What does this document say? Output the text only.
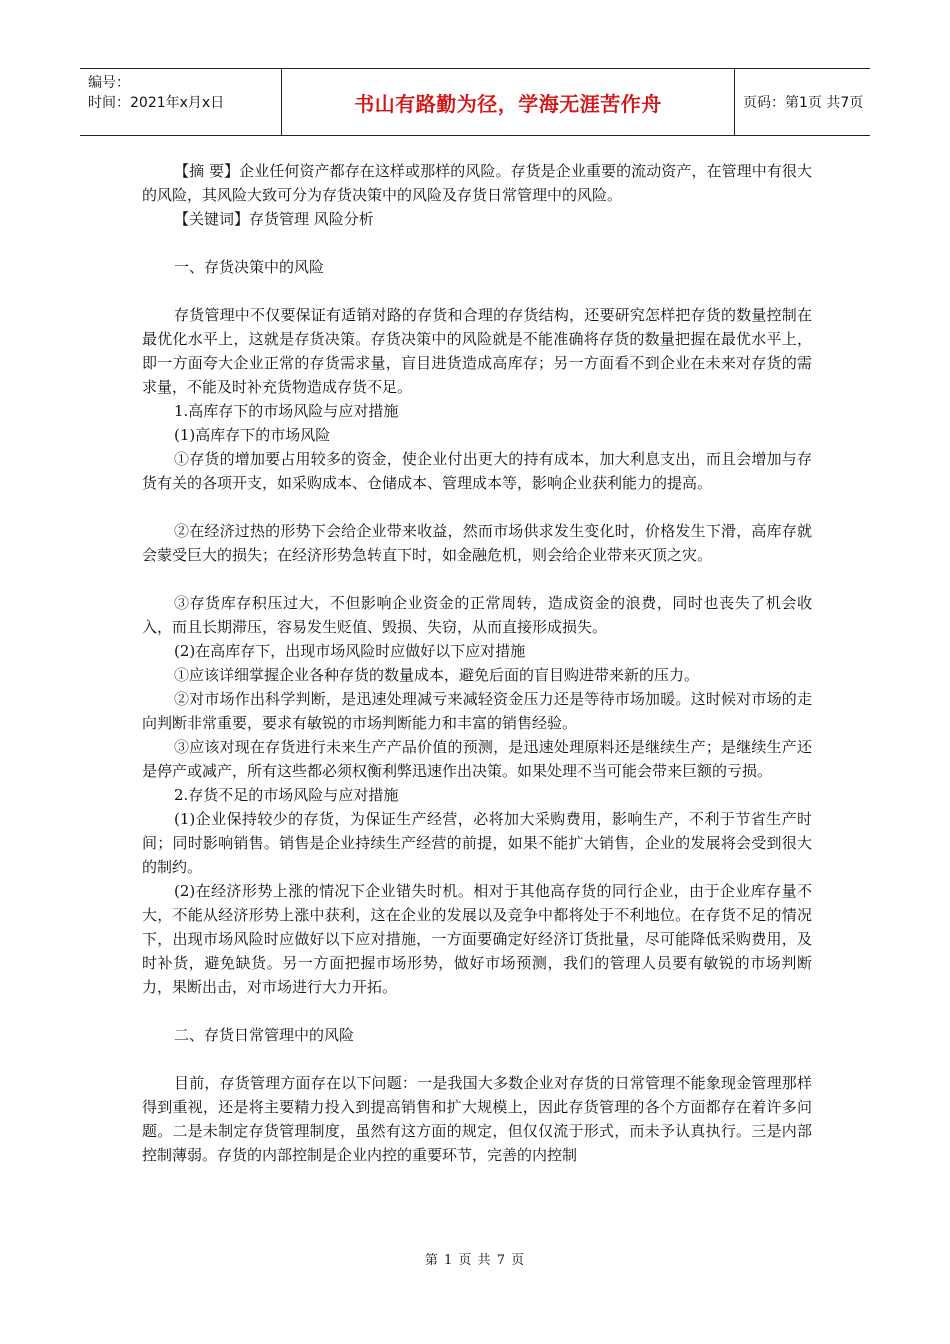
编号：
时间：2021年x月x日	书山有路勤为径，学海无涯苦作舟	页码：第1页 共7页

【摘 要】企业任何资产都存在这样或那样的风险。存货是企业重要的流动资产，在管理中有很大的风险，其风险大致可分为存货决策中的风险及存货日常管理中的风险。

【关键词】存货管理 风险分析

一、存货决策中的风险

存货管理中不仅要保证有适销对路的存货和合理的存货结构，还要研究怎样把存货的数量控制在最优化水平上，这就是存货决策。存货决策中的风险就是不能准确将存货的数量把握在最优水平上，即一方面夸大企业正常的存货需求量，盲目进货造成高库存；另一方面看不到企业在未来对存货的需求量，不能及时补充货物造成存货不足。

1.高库存下的市场风险与应对措施

(1)高库存下的市场风险

①存货的增加要占用较多的资金，使企业付出更大的持有成本，加大利息支出，而且会增加与存货有关的各项开支，如采购成本、仓储成本、管理成本等，影响企业获利能力的提高。

②在经济过热的形势下会给企业带来收益，然而市场供求发生变化时，价格发生下滑，高库存就会蒙受巨大的损失；在经济形势急转直下时，如金融危机，则会给企业带来灭顶之灾。

③存货库存积压过大，不但影响企业资金的正常周转，造成资金的浪费，同时也丧失了机会收入，而且长期滞压，容易发生贬值、毁损、失窃，从而直接形成损失。

(2)在高库存下，出现市场风险时应做好以下应对措施

①应该详细掌握企业各种存货的数量成本，避免后面的盲目购进带来新的压力。

②对市场作出科学判断，是迅速处理减亏来减轻资金压力还是等待市场加暖。这时候对市场的走向判断非常重要，要求有敏锐的市场判断能力和丰富的销售经验。

③应该对现在存货进行未来生产产品价值的预测，是迅速处理原料还是继续生产；是继续生产还是停产或减产，所有这些都必须权衡利弊迅速作出决策。如果处理不当可能会带来巨额的亏损。

2.存货不足的市场风险与应对措施

(1)企业保持较少的存货，为保证生产经营，必将加大采购费用，影响生产，不利于节省生产时间；同时影响销售。销售是企业持续生产经营的前提，如果不能扩大销售，企业的发展将会受到很大的制约。

(2)在经济形势上涨的情况下企业错失时机。相对于其他高存货的同行企业，由于企业库存量不大，不能从经济形势上涨中获利，这在企业的发展以及竞争中都将处于不利地位。在存货不足的情况下，出现市场风险时应做好以下应对措施，一方面要确定好经济订货批量，尽可能降低采购费用，及时补货，避免缺货。另一方面把握市场形势，做好市场预测，我们的管理人员要有敏锐的市场判断力，果断出击，对市场进行大力开拓。

二、存货日常管理中的风险

目前，存货管理方面存在以下问题：一是我国大多数企业对存货的日常管理不能象现金管理那样得到重视，还是将主要精力投入到提高销售和扩大规模上，因此存货管理的各个方面都存在着许多问题。二是未制定存货管理制度，虽然有这方面的规定，但仅仅流于形式，而未予认真执行。三是内部控制薄弱。存货的内部控制是企业内控的重要环节，完善的内控制

第 1 页 共 7 页
